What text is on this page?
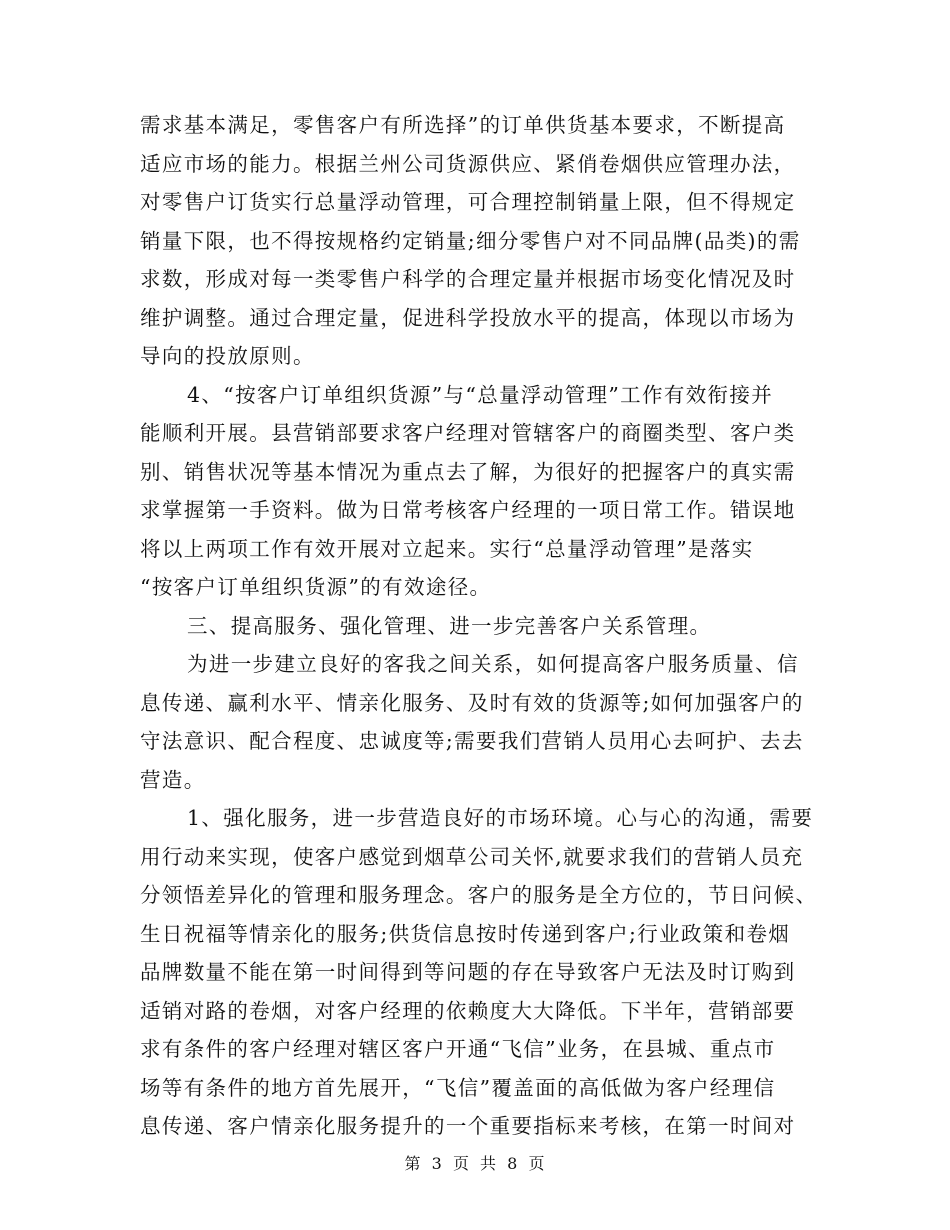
需求基本满足，零售客户有所选择”的订单供货基本要求，不断提高
适应市场的能力。根据兰州公司货源供应、紧俏卷烟供应管理办法，
对零售户订货实行总量浮动管理，可合理控制销量上限，但不得规定
销量下限，也不得按规格约定销量;细分零售户对不同品牌(品类)的需
求数，形成对每一类零售户科学的合理定量并根据市场变化情况及时
维护调整。通过合理定量，促进科学投放水平的提高，体现以市场为
导向的投放原则。
4、“按客户订单组织货源”与“总量浮动管理”工作有效衔接并
能顺利开展。县营销部要求客户经理对管辖客户的商圈类型、客户类
别、销售状况等基本情况为重点去了解，为很好的把握客户的真实需
求掌握第一手资料。做为日常考核客户经理的一项日常工作。错误地
将以上两项工作有效开展对立起来。实行“总量浮动管理”是落实
“按客户订单组织货源”的有效途径。
三、提高服务、强化管理、进一步完善客户关系管理。
为进一步建立良好的客我之间关系，如何提高客户服务质量、信
息传递、赢利水平、情亲化服务、及时有效的货源等;如何加强客户的
守法意识、配合程度、忠诚度等;需要我们营销人员用心去呵护、去去
营造。
1、强化服务，进一步营造良好的市场环境。心与心的沟通，需要
用行动来实现，使客户感觉到烟草公司关怀,就要求我们的营销人员充
分领悟差异化的管理和服务理念。客户的服务是全方位的，节日问候、
生日祝福等情亲化的服务;供货信息按时传递到客户;行业政策和卷烟
品牌数量不能在第一时间得到等问题的存在导致客户无法及时订购到
适销对路的卷烟，对客户经理的依赖度大大降低。下半年，营销部要
求有条件的客户经理对辖区客户开通“飞信”业务，在县城、重点市
场等有条件的地方首先展开，“飞信”覆盖面的高低做为客户经理信
息传递、客户情亲化服务提升的一个重要指标来考核，在第一时间对
第 3 页 共 8 页
